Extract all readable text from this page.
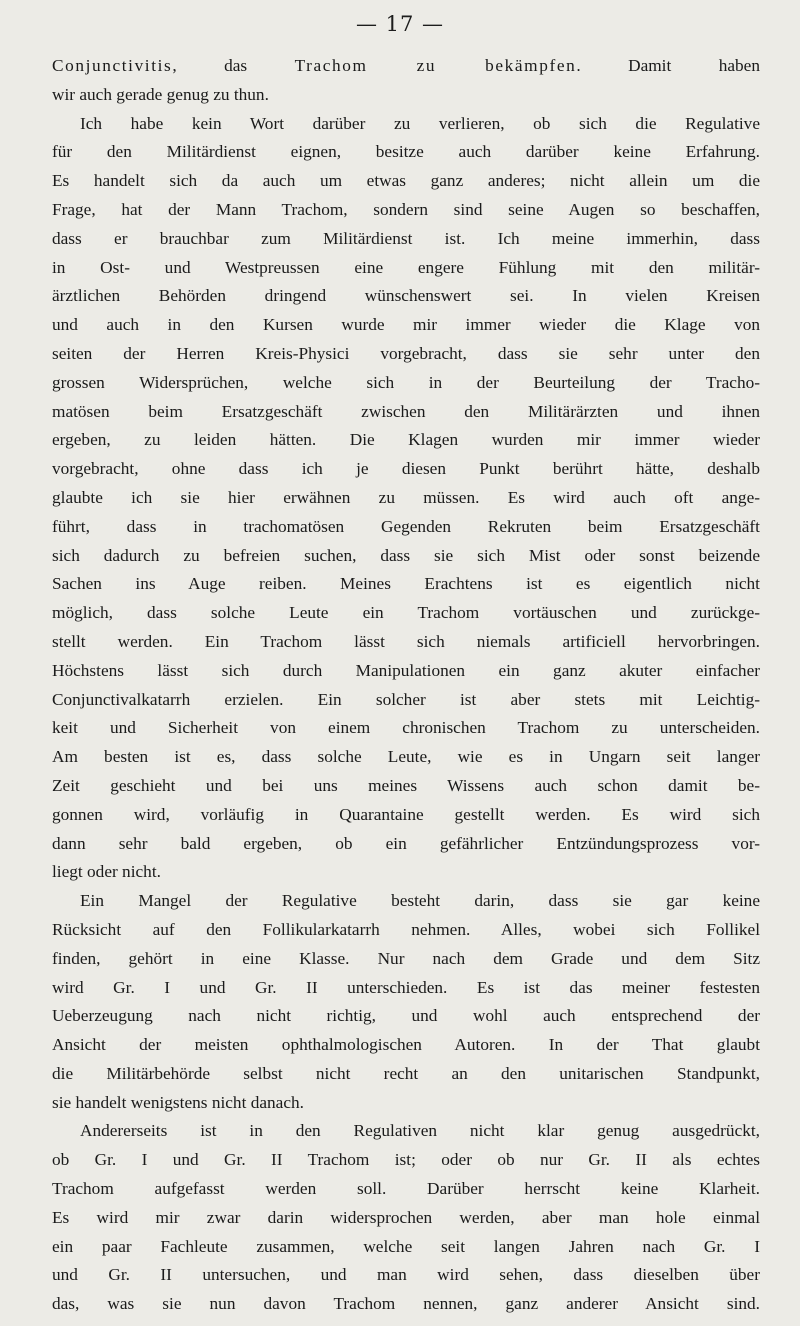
— 17 —
Conjunctivitis, das Trachom zu bekämpfen. Damit haben
wir auch gerade genug zu thun.
Ich habe kein Wort darüber zu verlieren, ob sich die Regulative
für den Militärdienst eignen, besitze auch darüber keine Erfahrung.
Es handelt sich da auch um etwas ganz anderes; nicht allein um die
Frage, hat der Mann Trachom, sondern sind seine Augen so beschaffen,
dass er brauchbar zum Militärdienst ist. Ich meine immerhin, dass
in Ost- und Westpreussen eine engere Fühlung mit den militär-
ärztlichen Behörden dringend wünschenswert sei. In vielen Kreisen
und auch in den Kursen wurde mir immer wieder die Klage von
seiten der Herren Kreis-Physici vorgebracht, dass sie sehr unter den
grossen Widersprüchen, welche sich in der Beurteilung der Tracho-
matösen beim Ersatzgeschäft zwischen den Militärärzten und ihnen
ergeben, zu leiden hätten. Die Klagen wurden mir immer wieder
vorgebracht, ohne dass ich je diesen Punkt berührt hätte, deshalb
glaubte ich sie hier erwähnen zu müssen. Es wird auch oft ange-
führt, dass in trachomatösen Gegenden Rekruten beim Ersatzgeschäft
sich dadurch zu befreien suchen, dass sie sich Mist oder sonst beizende
Sachen ins Auge reiben. Meines Erachtens ist es eigentlich nicht
möglich, dass solche Leute ein Trachom vortäuschen und zurückge-
stellt werden. Ein Trachom lässt sich niemals artificiell hervorbringen.
Höchstens lässt sich durch Manipulationen ein ganz akuter einfacher
Conjunctivalkatarrh erzielen. Ein solcher ist aber stets mit Leichtig-
keit und Sicherheit von einem chronischen Trachom zu unterscheiden.
Am besten ist es, dass solche Leute, wie es in Ungarn seit langer
Zeit geschieht und bei uns meines Wissens auch schon damit be-
gonnen wird, vorläufig in Quarantaine gestellt werden. Es wird sich
dann sehr bald ergeben, ob ein gefährlicher Entzündungsprozess vor-
liegt oder nicht.
Ein Mangel der Regulative besteht darin, dass sie gar keine
Rücksicht auf den Follikularkatarrh nehmen. Alles, wobei sich Follikel
finden, gehört in eine Klasse. Nur nach dem Grade und dem Sitz
wird Gr. I und Gr. II unterschieden. Es ist das meiner festesten
Ueberzeugung nach nicht richtig, und wohl auch entsprechend der
Ansicht der meisten ophthalmologischen Autoren. In der That glaubt
die Militärbehörde selbst nicht recht an den unitarischen Standpunkt,
sie handelt wenigstens nicht danach.
Andererseits ist in den Regulativen nicht klar genug ausgedrückt,
ob Gr. I und Gr. II Trachom ist; oder ob nur Gr. II als echtes
Trachom aufgefasst werden soll. Darüber herrscht keine Klarheit.
Es wird mir zwar darin widersprochen werden, aber man hole einmal
ein paar Fachleute zusammen, welche seit langen Jahren nach Gr. I
und Gr. II untersuchen, und man wird sehen, dass dieselben über
das, was sie nun davon Trachom nennen, ganz anderer Ansicht sind.
